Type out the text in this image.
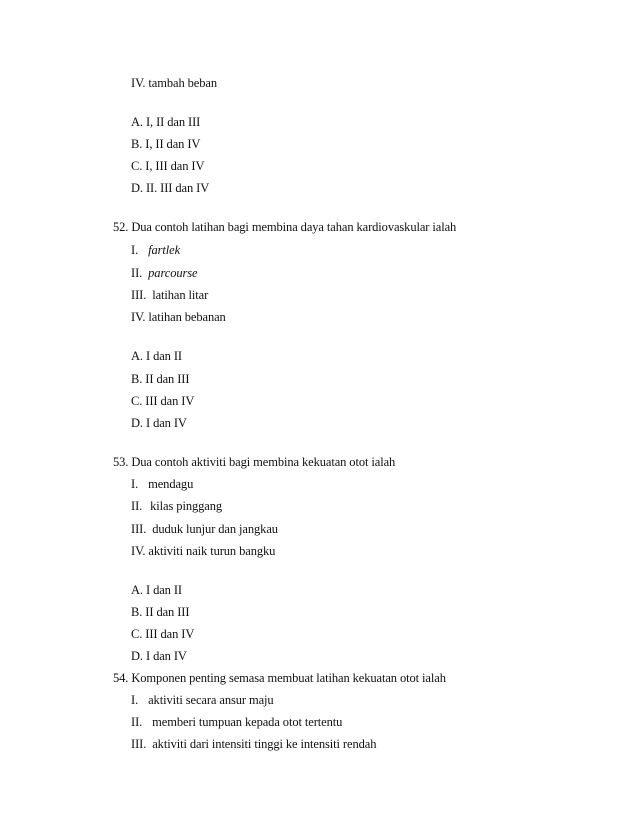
IV. tambah beban
A. I, II dan III
B. I, II dan IV
C. I, III dan IV
D. II. III dan IV
52. Dua contoh latihan bagi membina daya tahan kardiovaskular ialah
I. fartlek
II. parcourse
III. latihan litar
IV. latihan bebanan
A. I dan II
B. II dan III
C. III dan IV
D. I dan IV
53. Dua contoh aktiviti bagi membina kekuatan otot ialah
I. mendagu
II. kilas pinggang
III. duduk lunjur dan jangkau
IV. aktiviti naik turun bangku
A. I dan II
B. II dan III
C. III dan IV
D. I dan IV
54. Komponen penting semasa membuat latihan kekuatan otot ialah
I. aktiviti secara ansur maju
II. memberi tumpuan kepada otot tertentu
III. aktiviti dari intensiti tinggi ke intensiti rendah
